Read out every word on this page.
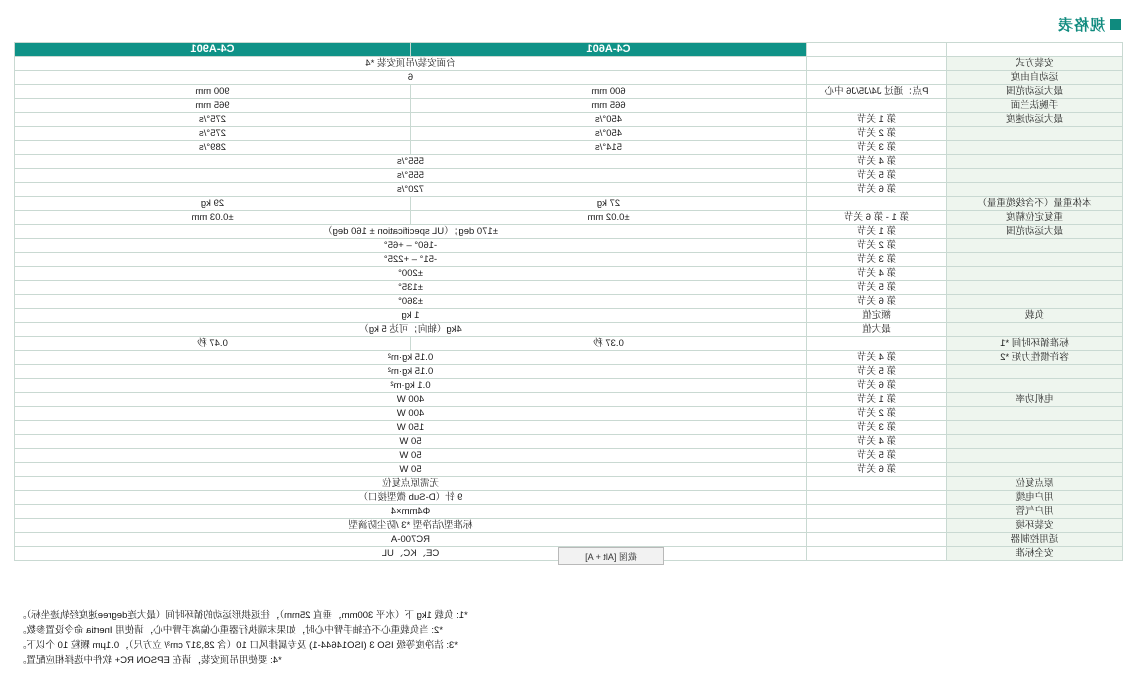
规格表
		C4-A601	C4-A901
安装方式		台面安装/吊顶安装 *4	
运动自由度		6	
最大运动范围	P点：通过 J4/J5/J6 中心	600 mm	900 mm
手腕法兰面		665 mm	965 mm
最大运动速度	第 1 关节	450°/s	275°/s
	第 2 关节	450°/s	275°/s
	第 3 关节	514°/s	289°/s
	第 4 关节	555°/s	
	第 5 关节	555°/s	
	第 6 关节	720°/s	
本体重量（不含线缆重量）		27 kg	29 kg
重复定位精度	第 1 - 第 6 关节	±0.02 mm	±0.03 mm
最大运动范围	第 1 关节	±170 deg；（UL specification ± 160 deg）	
	第 2 关节	-160° – +65°	
	第 3 关节	-51° – +225°	
	第 4 关节	±200°	
	第 5 关节	±135°	
	第 6 关节	±360°	
负载	额定值	1 kg	
	最大值	4kg（轴向；可达 5 kg）	
标准循环时间 *1		0.37 秒	0.47 秒
容许惯性力矩 *2	第 4 关节	0.15 kg·m²	
	第 5 关节	0.15 kg·m²	
	第 6 关节	0.1 kg·m²	
电机功率	第 1 关节	400 W	
	第 2 关节	400 W	
	第 3 关节	150 W	
	第 4 关节	50 W	
	第 5 关节	50 W	
	第 6 关节	50 W	
原点复位		无需原点复位	
用户电缆		9 针（D-Sub 微型接口）	
用户气管		Φ4mm×4	
安装环境		标准型/洁净型 *3 /防尘防滴型	
适用控制器		RC700-A	
安全标准		CE、KC、UL	
*1: 负载 1kg 下（水平 300mm，垂直 25mm），往返拱形运动的循环时间（最大连degree速度经轨迹坐标）。
*2: 当负载重心不在轴手臂中心时，如果末端执行器重心偏离手臂中心，请使用 Inertia 命令设置参数。
*3: 洁净度等级 ISO 3 (ISO14644-1) 及专属排风口 10（含 28,317 cm³/ 立方尺），0.1μm 颗粒 10 个以下。
*4: 要使用吊顶安装，请在 EPSON RC+ 软件中选择相应配置。
截图 [Alt + A]
